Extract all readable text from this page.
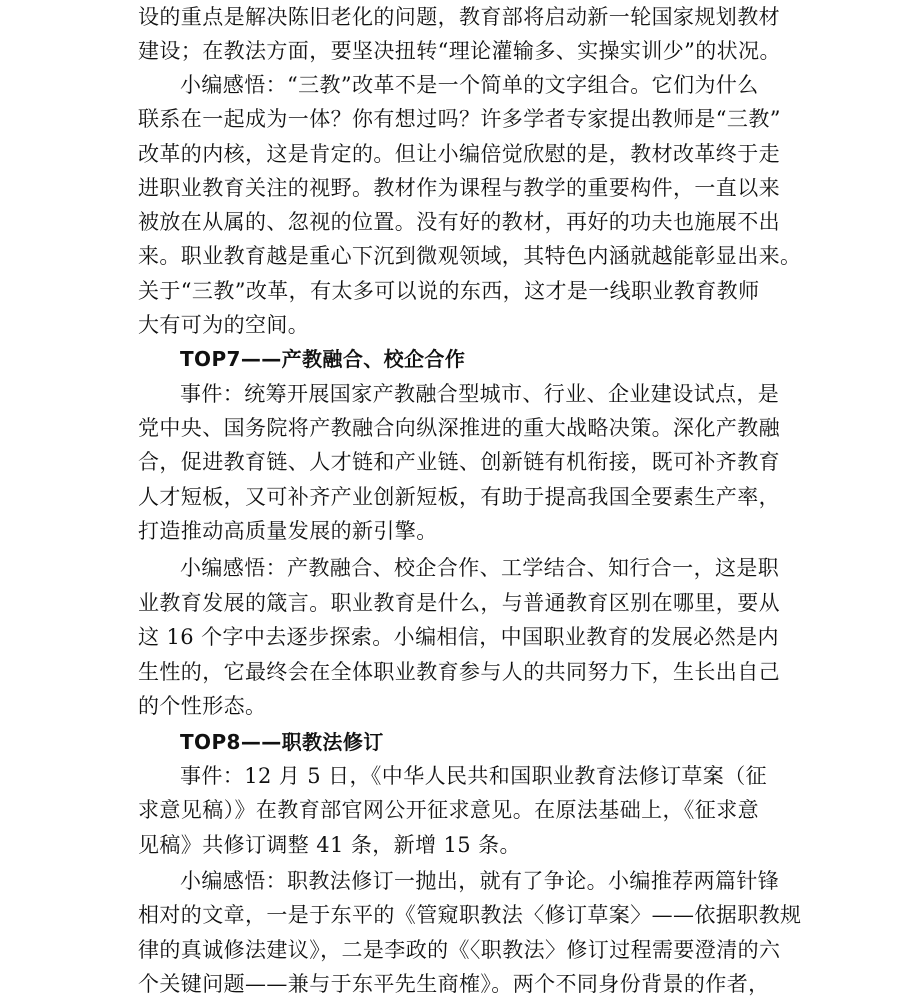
设的重点是解决陈旧老化的问题，教育部将启动新一轮国家规划教材
建设；在教法方面，要坚决扭转“理论灌输多、实操实训少”的状况。
小编感悟：“三教”改革不是一个简单的文字组合。它们为什么
联系在一起成为一体？你有想过吗？许多学者专家提出教师是“三教”
改革的内核，这是肯定的。但让小编倍觉欣慰的是，教材改革终于走
进职业教育关注的视野。教材作为课程与教学的重要构件，一直以来
被放在从属的、忽视的位置。没有好的教材，再好的功夫也施展不出
来。职业教育越是重心下沉到微观领域，其特色内涵就越能彰显出来。
关于“三教”改革，有太多可以说的东西，这才是一线职业教育教师
大有可为的空间。
TOP7——产教融合、校企合作
事件：统筹开展国家产教融合型城市、行业、企业建设试点，是
党中央、国务院将产教融合向纵深推进的重大战略决策。深化产教融
合，促进教育链、人才链和产业链、创新链有机衔接，既可补齐教育
人才短板，又可补齐产业创新短板，有助于提高我国全要素生产率，
打造推动高质量发展的新引擎。
小编感悟：产教融合、校企合作、工学结合、知行合一，这是职
业教育发展的箴言。职业教育是什么，与普通教育区别在哪里，要从
这 16 个字中去逐步探索。小编相信，中国职业教育的发展必然是内
生性的，它最终会在全体职业教育参与人的共同努力下，生长出自己
的个性形态。
TOP8——职教法修订
事件：12 月 5 日，《中华人民共和国职业教育法修订草案（征
求意见稿）》在教育部官网公开征求意见。在原法基础上，《征求意
见稿》共修订调整 41 条，新增 15 条。
小编感悟：职教法修订一抛出，就有了争论。小编推荐两篇针锋
相对的文章，一是于东平的《管窥职教法〈修订草案〉——依据职教规
律的真诚修法建议》，二是李政的《〈职教法〉修订过程需要澄清的六
个关键问题——兼与于东平先生商榷》。两个不同身份背景的作者，
